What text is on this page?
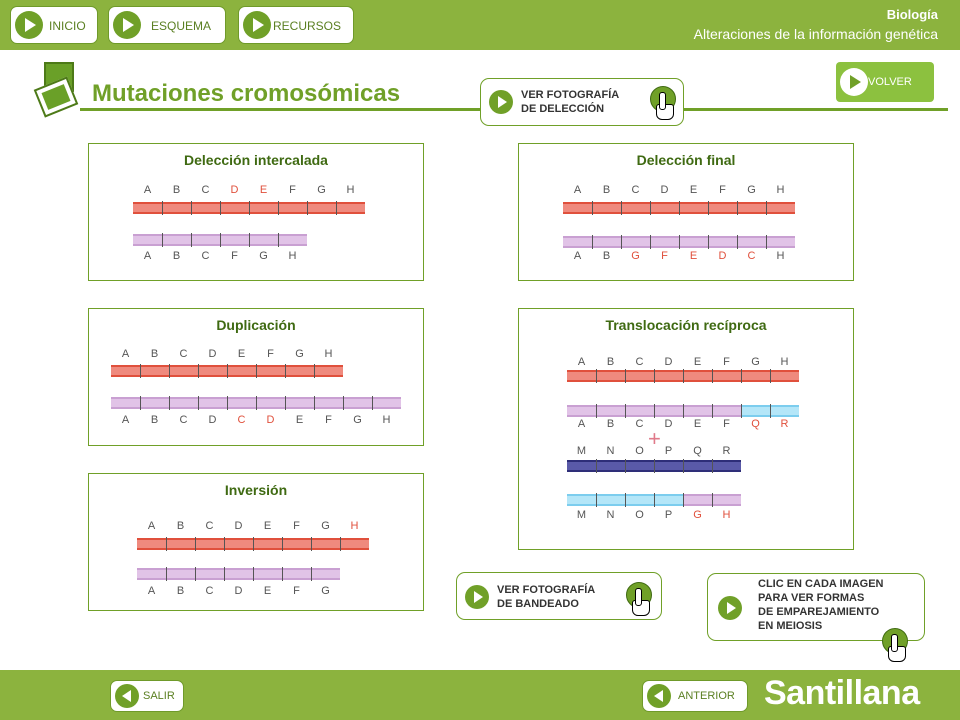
INICIO	ESQUEMA	RECURSOS
Biología
Alteraciones de la información genética
Mutaciones cromosómicas	VER FOTOGRAFÍA
DE DELECCIÓN
VOLVER
Delección intercalada
A	B	C	D	E	F	G	H
A	B	C	F	G	H
Delección final
A	B	C	D	E	F	G	H
A	B	G	F	E	D	C	H
Duplicación
A	B	C	D	E	F	G	H
A	B	C	D	C	D	E	F	G	H
Translocación recíproca
+
A	B	C	D	E	F	G	H
A	B	C	D	E	F	Q	R
M	N	O	P	Q	R
M	N	O	P	G	H
Inversión
A	B	C	D	E	F	G	H
A	B	C	D	E	F	G	VER FOTOGRAFÍA
DE BANDEADO
CLIC EN CADA IMAGEN
PARA VER FORMAS
DE EMPAREJAMIENTO
EN MEIOSIS
SALIR	ANTERIOR Santillana
